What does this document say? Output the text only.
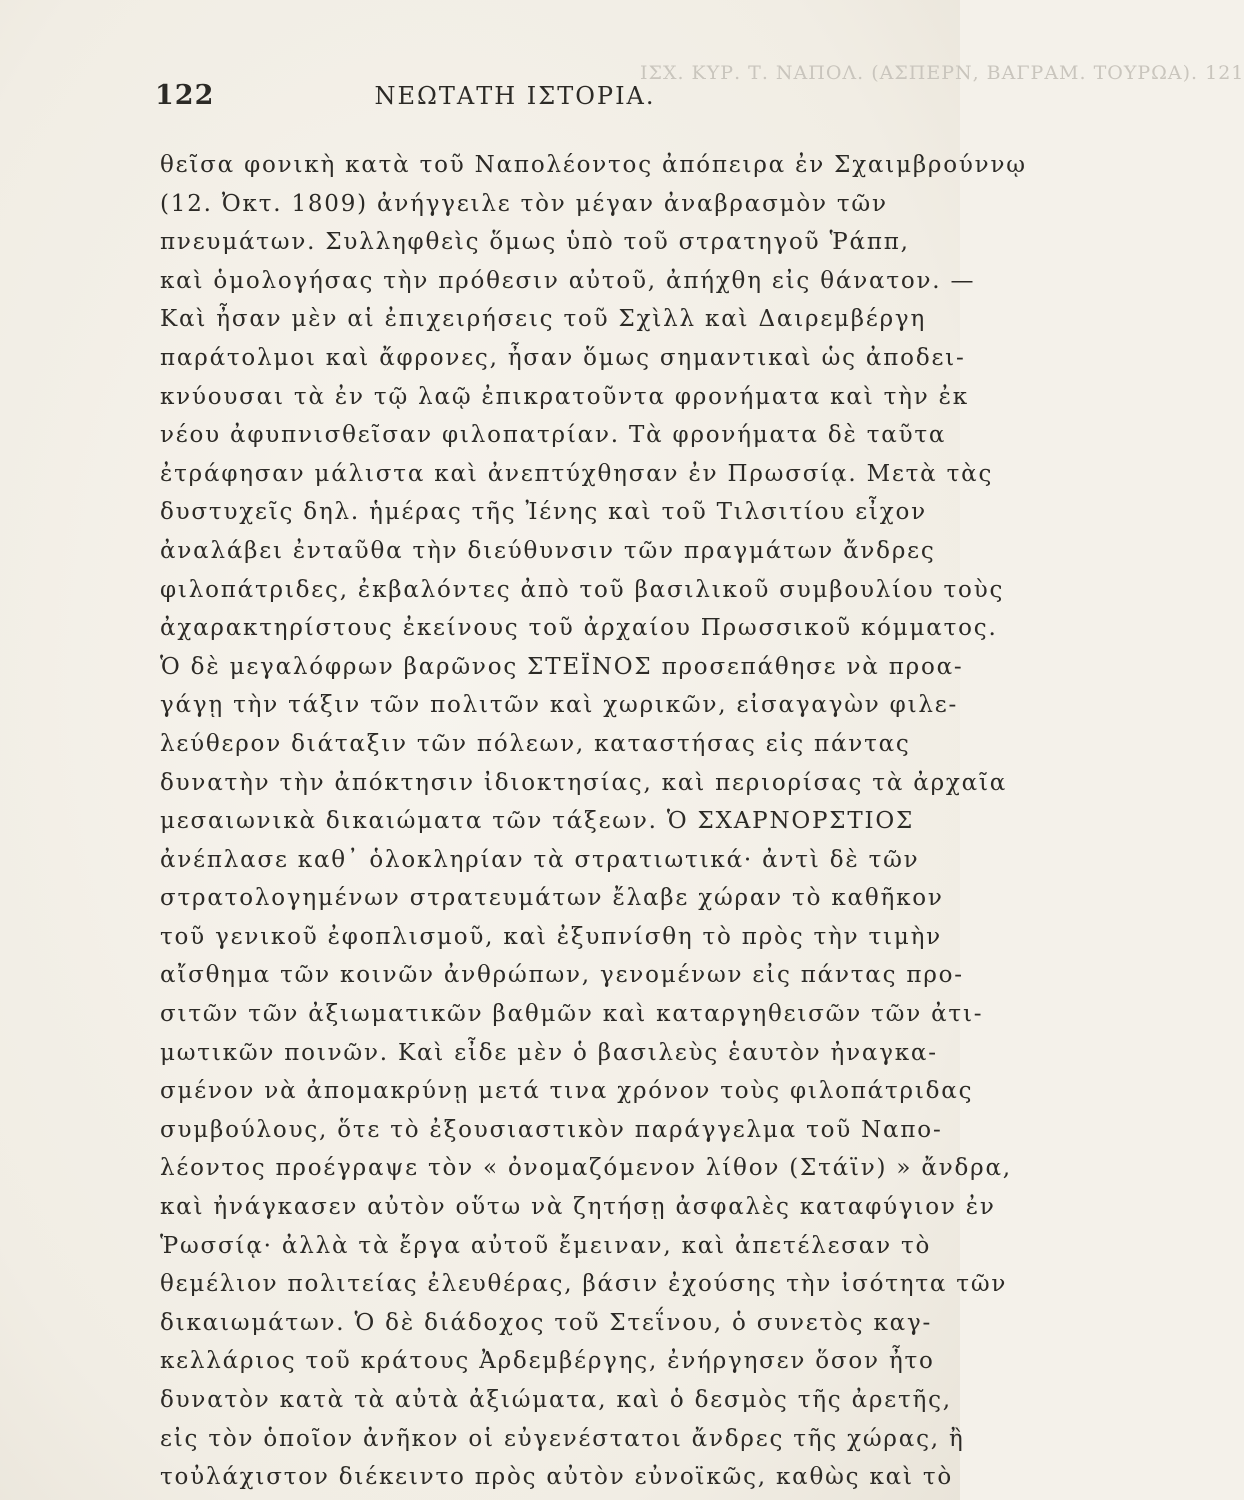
ΙΣΧ. ΚΥΡ. Τ. ΝΑΠΟΛ. (ΑΣΠΕΡΝ, ΒΑΓΡΑΜ. ΤΟΥΡΩΑ). 121
122	ΝΕΩΤΑΤΗ ΙΣΤΟΡΙΑ.
θεῖσα φονικὴ κατὰ τοῦ Ναπολέοντος ἀπόπειρα ἐν Σχαιμβρούννῳ
(12. Ὀκτ. 1809) ἀνήγγειλε τὸν μέγαν ἀναβρασμὸν τῶν
πνευμάτων. Συλληφθεὶς ὅμως ὑπὸ τοῦ στρατηγοῦ Ῥάππ,
καὶ ὁμολογήσας τὴν πρόθεσιν αὐτοῦ, ἀπήχθη εἰς θάνατον. —
Καὶ ἦσαν μὲν αἱ ἐπιχειρήσεις τοῦ Σχὶλλ καὶ Δαιρεμβέργη
παράτολμοι καὶ ἄφρονες, ἦσαν ὅμως σημαντικαὶ ὡς ἀποδει-
κνύουσαι τὰ ἐν τῷ λαῷ ἐπικρατοῦντα φρονήματα καὶ τὴν ἐκ
νέου ἀφυπνισθεῖσαν φιλοπατρίαν. Τὰ φρονήματα δὲ ταῦτα
ἐτράφησαν μάλιστα καὶ ἀνεπτύχθησαν ἐν Πρωσσίᾳ. Μετὰ τὰς
δυστυχεῖς δηλ. ἡμέρας τῆς Ἰένης καὶ τοῦ Τιλσιτίου εἶχον
ἀναλάβει ἐνταῦθα τὴν διεύθυνσιν τῶν πραγμάτων ἄνδρες
φιλοπάτριδες, ἐκβαλόντες ἀπὸ τοῦ βασιλικοῦ συμβουλίου τοὺς
ἀχαρακτηρίστους ἐκείνους τοῦ ἀρχαίου Πρωσσικοῦ κόμματος.
Ὁ δὲ μεγαλόφρων βαρῶνος ΣΤΕΪΝΟΣ προσεπάθησε νὰ προα-
γάγῃ τὴν τάξιν τῶν πολιτῶν καὶ χωρικῶν, εἰσαγαγὼν φιλε-
λεύθερον διάταξιν τῶν πόλεων, καταστήσας εἰς πάντας
δυνατὴν τὴν ἀπόκτησιν ἰδιοκτησίας, καὶ περιορίσας τὰ ἀρχαῖα
μεσαιωνικὰ δικαιώματα τῶν τάξεων. Ὁ ΣΧΑΡΝΟΡΣΤΙΟΣ
ἀνέπλασε καθ᾽ ὁλοκληρίαν τὰ στρατιωτικά· ἀντὶ δὲ τῶν
στρατολογημένων στρατευμάτων ἔλαβε χώραν τὸ καθῆκον
τοῦ γενικοῦ ἐφοπλισμοῦ, καὶ ἐξυπνίσθη τὸ πρὸς τὴν τιμὴν
αἴσθημα τῶν κοινῶν ἀνθρώπων, γενομένων εἰς πάντας προ-
σιτῶν τῶν ἀξιωματικῶν βαθμῶν καὶ καταργηθεισῶν τῶν ἀτι-
μωτικῶν ποινῶν. Καὶ εἶδε μὲν ὁ βασιλεὺς ἑαυτὸν ἠναγκα-
σμένον νὰ ἀπομακρύνῃ μετά τινα χρόνον τοὺς φιλοπάτριδας
συμβούλους, ὅτε τὸ ἐξουσιαστικὸν παράγγελμα τοῦ Ναπο-
λέοντος προέγραψε τὸν « ὀνομαζόμενον λίθον (Στάϊν) » ἄνδρα,
καὶ ἠνάγκασεν αὐτὸν οὕτω νὰ ζητήσῃ ἀσφαλὲς καταφύγιον ἐν
Ῥωσσίᾳ· ἀλλὰ τὰ ἔργα αὐτοῦ ἔμειναν, καὶ ἀπετέλεσαν τὸ
θεμέλιον πολιτείας ἐλευθέρας, βάσιν ἐχούσης τὴν ἰσότητα τῶν
δικαιωμάτων. Ὁ δὲ διάδοχος τοῦ Στεΐνου, ὁ συνετὸς καγ-
κελλάριος τοῦ κράτους Ἀρδεμβέργης, ἐνήργησεν ὅσον ἦτο
δυνατὸν κατὰ τὰ αὐτὰ ἀξιώματα, καὶ ὁ δεσμὸς τῆς ἀρετῆς,
εἰς τὸν ὁποῖον ἀνῆκον οἱ εὐγενέστατοι ἄνδρες τῆς χώρας, ἢ
τοὐλάχιστον διέκειντο πρὸς αὐτὸν εὐνοϊκῶς, καθὼς καὶ τὸ
